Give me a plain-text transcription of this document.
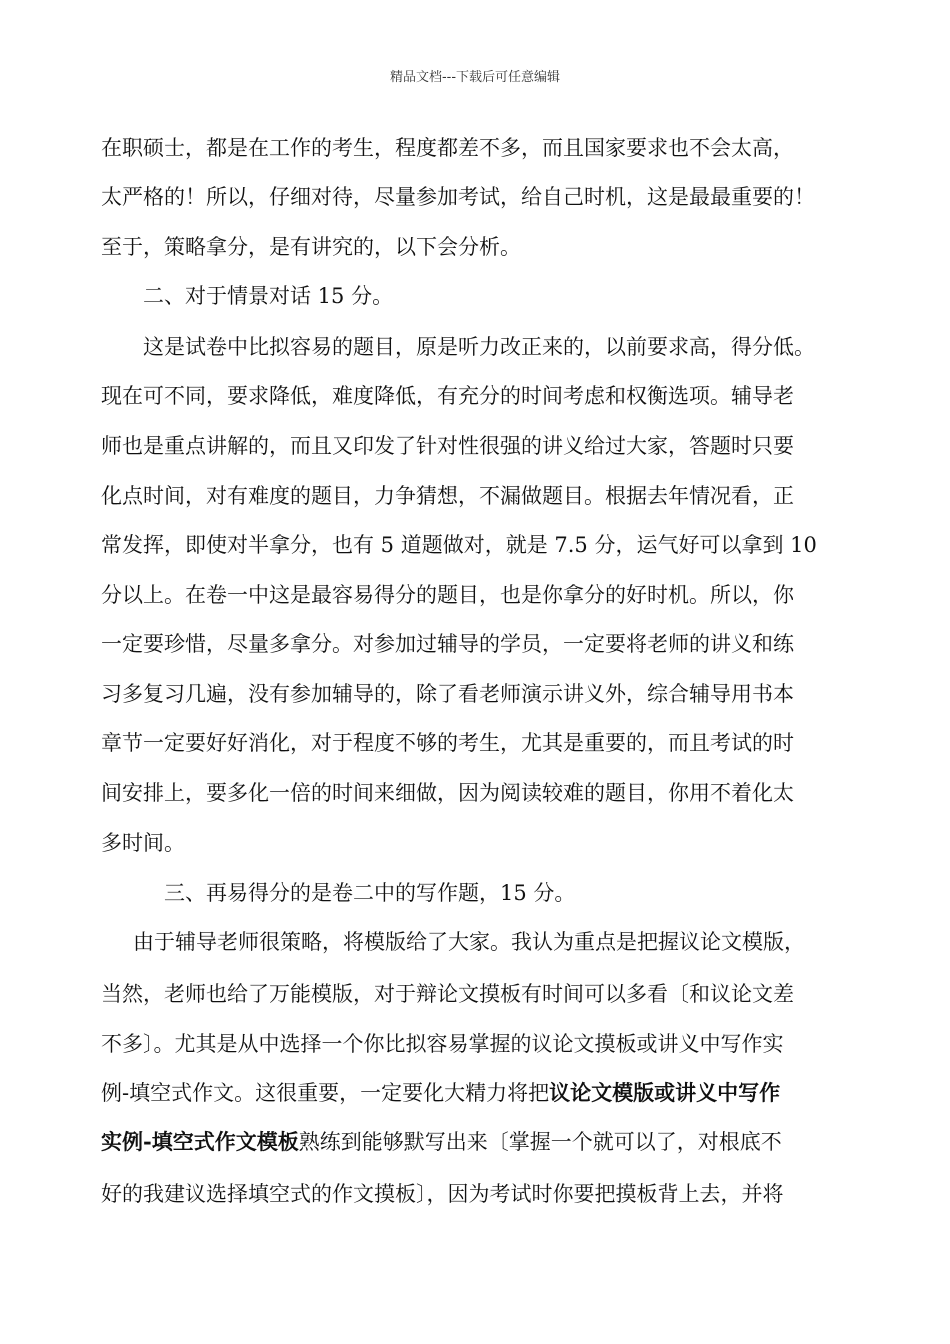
精品文档---下载后可任意编辑
在职硕士，都是在工作的考生，程度都差不多，而且国家要求也不会太高，
太严格的！所以，仔细对待，尽量参加考试，给自己时机，这是最最重要的！
至于，策略拿分，是有讲究的，以下会分析。
二、对于情景对话 15 分。
这是试卷中比拟容易的题目，原是听力改正来的，以前要求高，得分低。
现在可不同，要求降低，难度降低，有充分的时间考虑和权衡选项。辅导老
师也是重点讲解的，而且又印发了针对性很强的讲义给过大家，答题时只要
化点时间，对有难度的题目，力争猜想，不漏做题目。根据去年情况看，正
常发挥，即使对半拿分，也有 5 道题做对，就是 7.5 分，运气好可以拿到 10
分以上。在卷一中这是最容易得分的题目，也是你拿分的好时机。所以，你
一定要珍惜，尽量多拿分。对参加过辅导的学员，一定要将老师的讲义和练
习多复习几遍，没有参加辅导的，除了看老师演示讲义外，综合辅导用书本
章节一定要好好消化，对于程度不够的考生，尤其是重要的，而且考试的时
间安排上，要多化一倍的时间来细做，因为阅读较难的题目，你用不着化太
多时间。
三、再易得分的是卷二中的写作题，15 分。
由于辅导老师很策略，将模版给了大家。我认为重点是把握议论文模版，
当然，老师也给了万能模版，对于辩论文摸板有时间可以多看〔和议论文差
不多〕。尤其是从中选择一个你比拟容易掌握的议论文摸板或讲义中写作实
例-填空式作文。这很重要，一定要化大精力将把议论文模版或讲义中写作
实例-填空式作文模板熟练到能够默写出来〔掌握一个就可以了，对根底不
好的我建议选择填空式的作文摸板〕，因为考试时你要把摸板背上去，并将
